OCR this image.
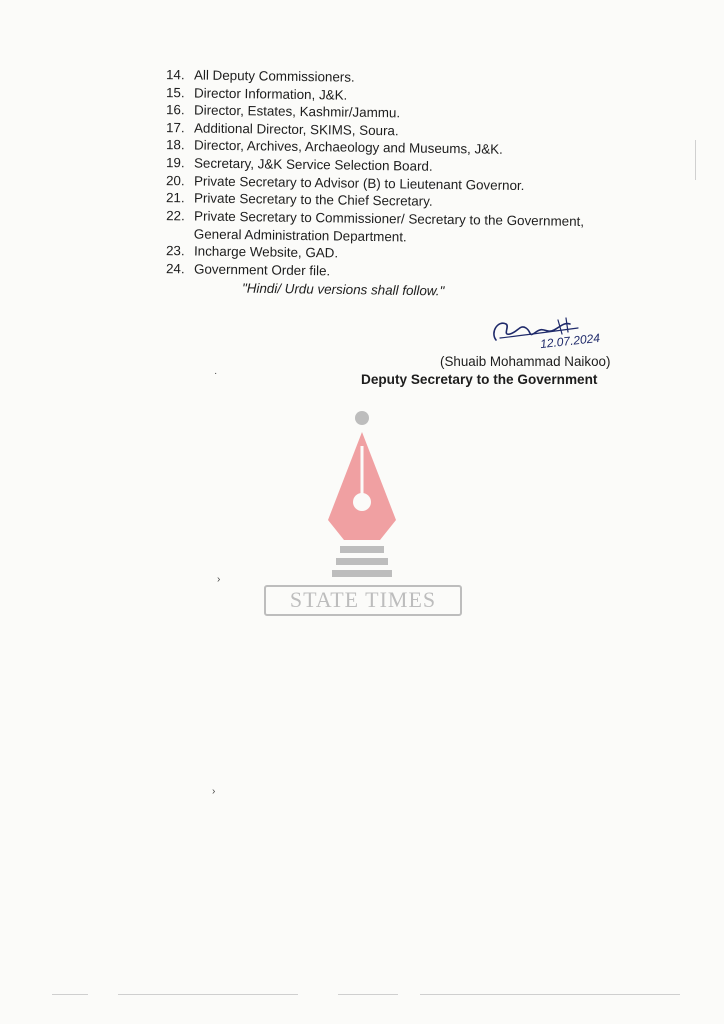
14. All Deputy Commissioners.
15. Director Information, J&K.
16. Director, Estates, Kashmir/Jammu.
17. Additional Director, SKIMS, Soura.
18. Director, Archives, Archaeology and Museums, J&K.
19. Secretary, J&K Service Selection Board.
20. Private Secretary to Advisor (B) to Lieutenant Governor.
21. Private Secretary to the Chief Secretary.
22. Private Secretary to Commissioner/ Secretary to the Government,
General Administration Department.
23. Incharge Website, GAD.
24. Government Order file.
"Hindi/ Urdu versions shall follow."
12.07.2024
(Shuaib Mohammad Naikoo)
Deputy Secretary to the Government
STATE TIMES
·
›
›
